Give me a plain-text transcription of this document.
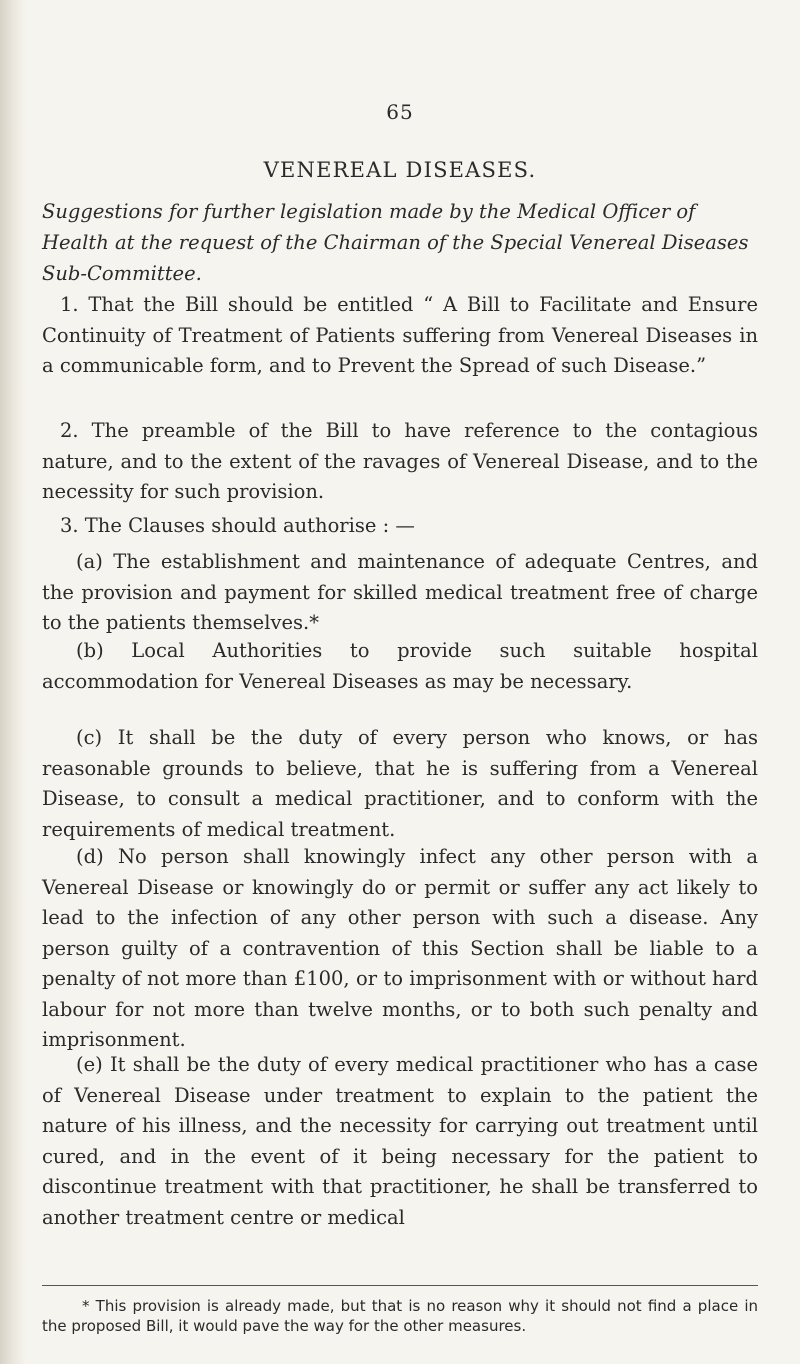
65
VENEREAL DISEASES.
Suggestions for further legislation made by the Medical Officer of Health at the request of the Chairman of the Special Venereal Diseases Sub-Committee.

1. That the Bill should be entitled “ A Bill to Facilitate and Ensure Continuity of Treatment of Patients suffering from Venereal Diseases in a communicable form, and to Prevent the Spread of such Disease.”

2. The preamble of the Bill to have reference to the contagious nature, and to the extent of the ravages of Venereal Disease, and to the necessity for such provision.

3. The Clauses should authorise : —

(a) The establishment and maintenance of adequate Centres, and the provision and payment for skilled medical treatment free of charge to the patients themselves.*

(b) Local Authorities to provide such suitable hospital accommodation for Venereal Diseases as may be necessary.

(c) It shall be the duty of every person who knows, or has reasonable grounds to believe, that he is suffering from a Venereal Disease, to consult a medical practitioner, and to conform with the requirements of medical treatment.

(d) No person shall knowingly infect any other person with a Venereal Disease or knowingly do or permit or suffer any act likely to lead to the infection of any other person with such a disease. Any person guilty of a contravention of this Section shall be liable to a penalty of not more than £100, or to imprisonment with or without hard labour for not more than twelve months, or to both such penalty and imprisonment.

(e) It shall be the duty of every medical practitioner who has a case of Venereal Disease under treatment to explain to the patient the nature of his illness, and the necessity for carrying out treatment until cured, and in the event of it being necessary for the patient to discontinue treatment with that practitioner, he shall be transferred to another treatment centre or medical

* This provision is already made, but that is no reason why it should not find a place in the proposed Bill, it would pave the way for the other measures.
